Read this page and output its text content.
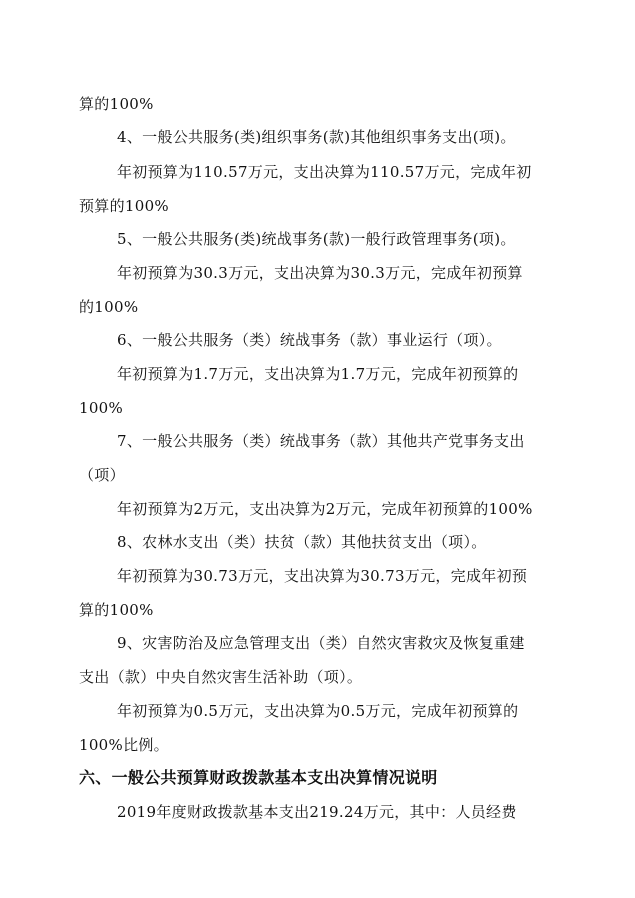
算的100%
4、一般公共服务(类)组织事务(款)其他组织事务支出(项)。
年初预算为110.57万元，支出决算为110.57万元，完成年初
预算的100%
5、一般公共服务(类)统战事务(款)一般行政管理事务(项)。
年初预算为30.3万元，支出决算为30.3万元，完成年初预算
的100%
6、一般公共服务（类）统战事务（款）事业运行（项）。
年初预算为1.7万元，支出决算为1.7万元，完成年初预算的
100%
7、一般公共服务（类）统战事务（款）其他共产党事务支出
（项）
年初预算为2万元，支出决算为2万元，完成年初预算的100%
8、农林水支出（类）扶贫（款）其他扶贫支出（项）。
年初预算为30.73万元，支出决算为30.73万元，完成年初预
算的100%
9、灾害防治及应急管理支出（类）自然灾害救灾及恢复重建
支出（款）中央自然灾害生活补助（项）。
年初预算为0.5万元，支出决算为0.5万元，完成年初预算的
100%比例。
六、一般公共预算财政拨款基本支出决算情况说明
2019年度财政拨款基本支出219.24万元，其中：人员经费
